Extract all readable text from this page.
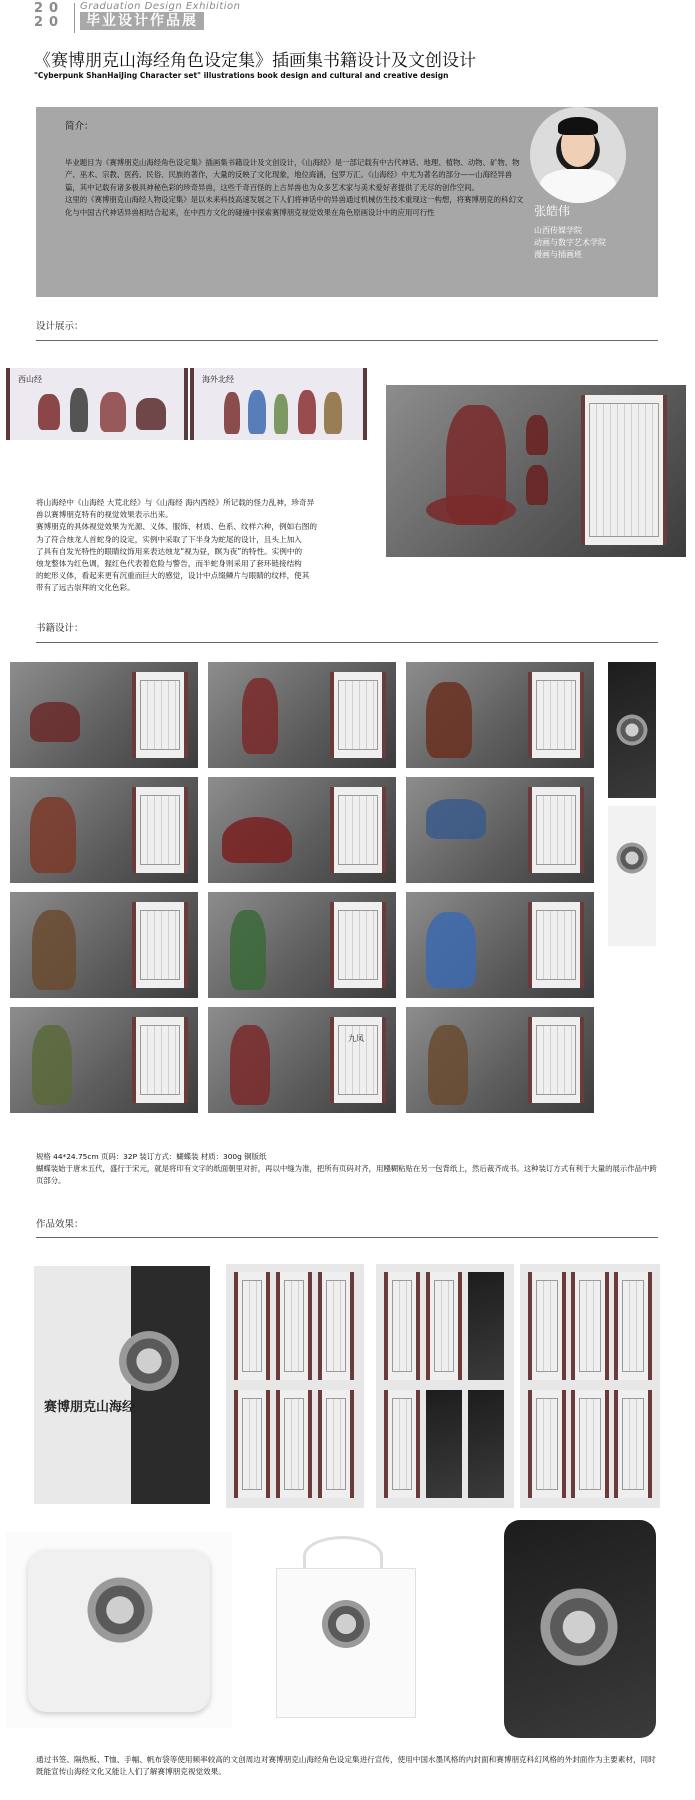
20
20
Graduation Design Exhibition
毕业设计作品展
《赛博朋克山海经角色设定集》插画集书籍设计及文创设计
"Cyberpunk ShanHaiJing Character set" illustrations book design and cultural and creative design
简介：

毕业题目为《赛博朋克山海经角色设定集》插画集书籍设计及文创设计，《山海经》是一部记载有中古代神话、地理、植物、动物、矿物、物产、巫术、宗教、医药、民俗、民族的著作，大量的反映了文化现象，地位海涵，包罗万汇。《山海经》中尤为著名的部分——山海经异兽篇，其中记载有诸多极具神秘色彩的珍奇异兽，这些千奇百怪的上古异兽也为众多艺术家与美术爱好者提供了无尽的创作空间。

这里的《赛博朋克山海经人物设定集》是以未来科技高速发展之下人们将神话中的异兽通过机械仿生技术重现这一构想，将赛博朋克的科幻文化与中国古代神话异兽相结合起来，在中西方文化的碰撞中探索赛博朋克视觉效果在角色原画设计中的应用可行性	张皓伟
山西传媒学院
动画与数字艺术学院
漫画与插画班
设计展示：
西山经	海外北经
将山海经中《山海经 大荒北经》与《山海经 海内西经》所记载的怪力乱神，珍奇异
兽以赛博朋克特有的视觉效果表示出来。
赛博朋克的具体视觉效果为光源、义体、服饰、材质、色系、纹样六种，例如右图的
为了符合烛龙人首蛇身的设定，实例中采取了下半身为蛇尾的设计，且头上加入
了具有自发光特性的眼睛纹饰用来表达烛龙“视为昼，瞑为夜”的特性。实例中的
烛龙整体为红色调，猩红色代表着危险与警告，而半蛇身则采用了套环链接结构
的蛇形义体，看起来更有沉重而巨大的感觉，设计中点缀鳞片与眼睛的纹样，使其
带有了远古崇拜的文化色彩。
书籍设计：
九凤
规格 44*24.75cm 页码：32P 装订方式：蝴蝶装 材质：300g 铜版纸
蝴蝶装始于唐末五代，盛行于宋元，就是将印有文字的纸面朝里对折，再以中缝为准，把所有页码对齐，用糨糊粘贴在另一包背纸上，然后裁齐成书。这种装订方式有利于大量的展示作品中跨页部分。
作品效果：
赛博朋克山海经
通过书签、隔热板、T恤、手幅、帆布袋等使用频率较高的文创周边对赛博朋克山海经角色设定集进行宣传，使用中国水墨风格的内封面和赛博朋克科幻风格的外封面作为主要素材，同时既能宣传山海经文化又能让人们了解赛博朋克视觉效果。
